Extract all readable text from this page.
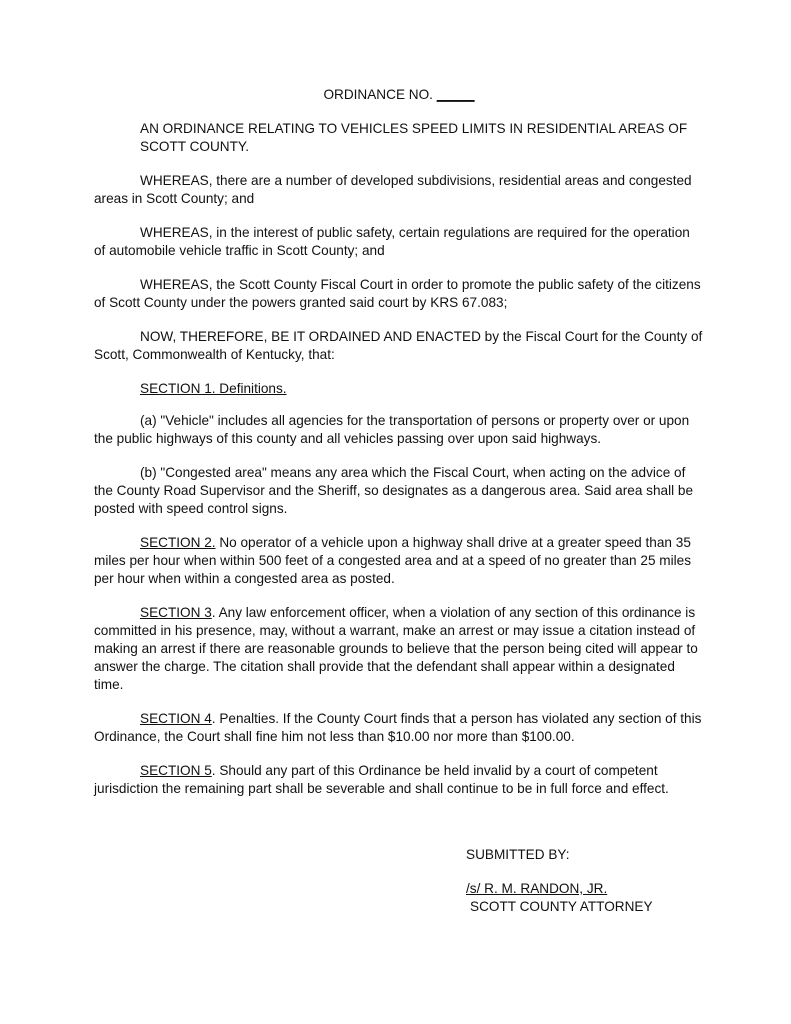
ORDINANCE NO. _____

AN ORDINANCE RELATING TO VEHICLES SPEED LIMITS IN RESIDENTIAL AREAS OF SCOTT COUNTY.

WHEREAS, there are a number of developed subdivisions, residential areas and congested areas in Scott County; and

WHEREAS, in the interest of public safety, certain regulations are required for the operation of automobile vehicle traffic in Scott County; and

WHEREAS, the Scott County Fiscal Court in order to promote the public safety of the citizens of Scott County under the powers granted said court by KRS 67.083;

NOW, THEREFORE, BE IT ORDAINED AND ENACTED by the Fiscal Court for the County of Scott, Commonwealth of Kentucky, that:

SECTION 1. Definitions.

(a) "Vehicle" includes all agencies for the transportation of persons or property over or upon the public highways of this county and all vehicles passing over upon said highways.

(b) "Congested area" means any area which the Fiscal Court, when acting on the advice of the County Road Supervisor and the Sheriff, so designates as a dangerous area. Said area shall be posted with speed control signs.

SECTION 2. No operator of a vehicle upon a highway shall drive at a greater speed than 35 miles per hour when within 500 feet of a congested area and at a speed of no greater than 25 miles per hour when within a congested area as posted.

SECTION 3. Any law enforcement officer, when a violation of any section of this ordinance is committed in his presence, may, without a warrant, make an arrest or may issue a citation instead of making an arrest if there are reasonable grounds to believe that the person being cited will appear to answer the charge. The citation shall provide that the defendant shall appear within a designated time.

SECTION 4. Penalties. If the County Court finds that a person has violated any section of this Ordinance, the Court shall fine him not less than $10.00 nor more than $100.00.

SECTION 5. Should any part of this Ordinance be held invalid by a court of competent jurisdiction the remaining part shall be severable and shall continue to be in full force and effect.

SUBMITTED BY:
/s/ R. M. RANDON, JR.
SCOTT COUNTY ATTORNEY
